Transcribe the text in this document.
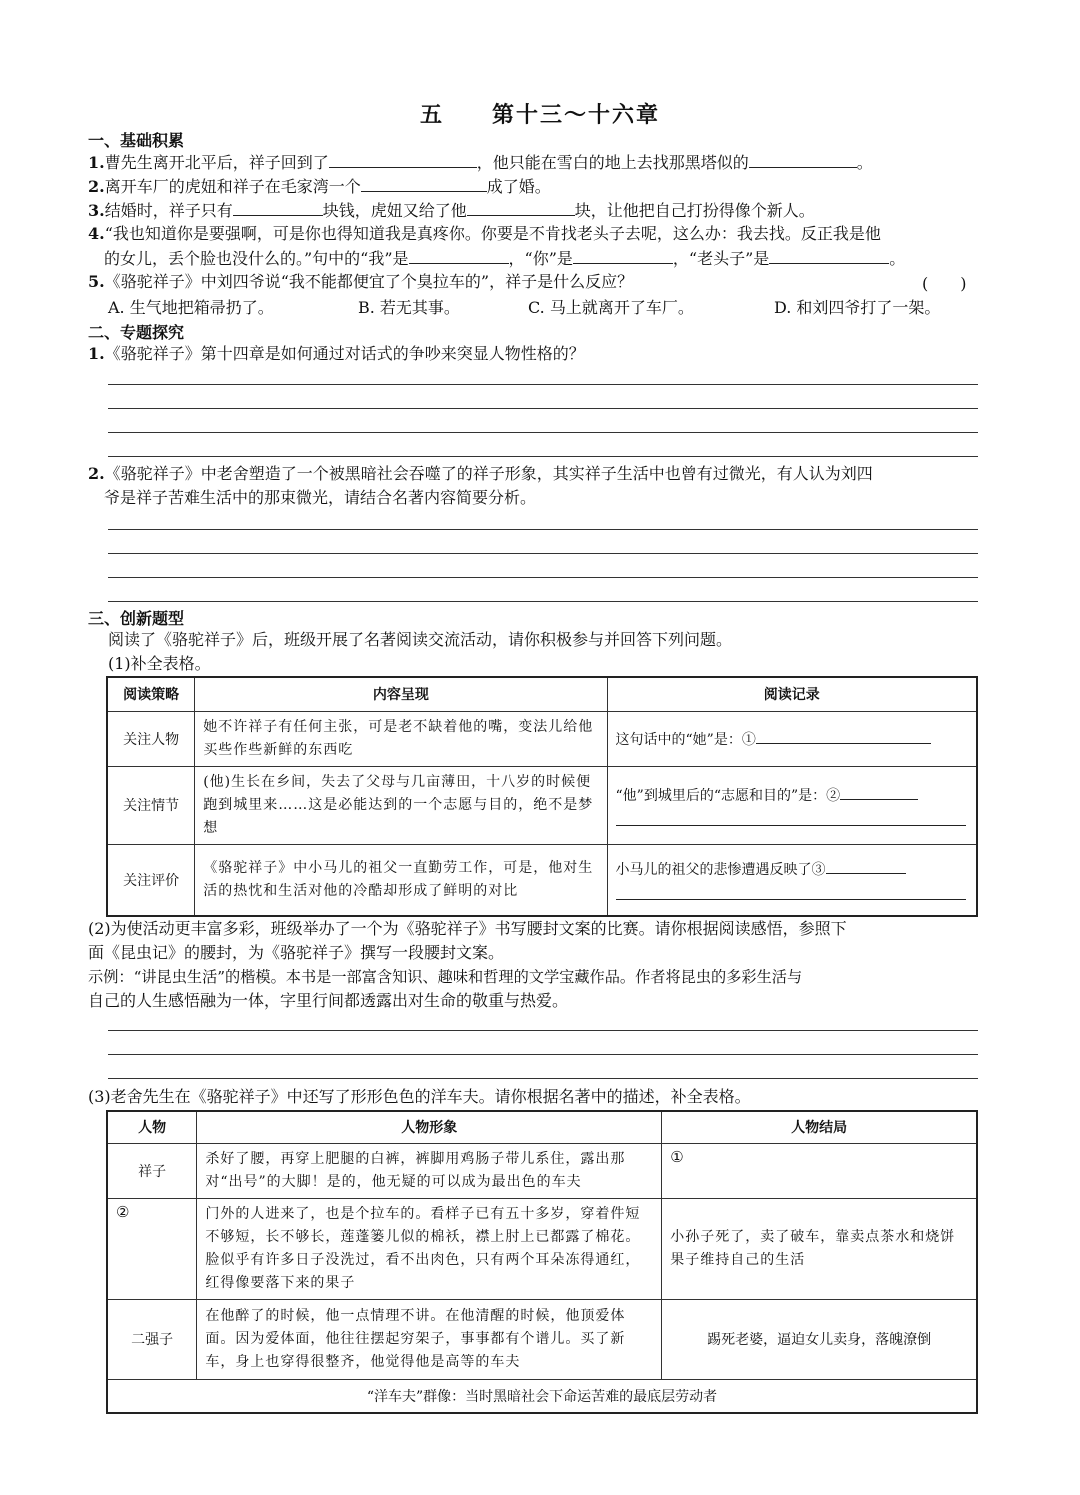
五 第十三～十六章
一、基础积累
1.曹先生离开北平后，祥子回到了	，他只能在雪白的地上去找那黑塔似的	。
2.离开车厂的虎妞和祥子在毛家湾一个	成了婚。
3.结婚时，祥子只有	块钱，虎妞又给了他	块，让他把自己打扮得像个新人。
4.“我也知道你是要强啊，可是你也得知道我是真疼你。你要是不肯找老头子去呢，这么办：我去找。反正我是他
的女儿，丢个脸也没什么的。”句中的“我”是	，“你”是	，“老头子”是	。
5.《骆驼祥子》中刘四爷说“我不能都便宜了个臭拉车的”，祥子是什么反应？	(　　)
A. 生气地把箱帚扔了。	B. 若无其事。	C. 马上就离开了车厂。	D. 和刘四爷打了一架。
二、专题探究
1.《骆驼祥子》第十四章是如何通过对话式的争吵来突显人物性格的？
2.《骆驼祥子》中老舍塑造了一个被黑暗社会吞噬了的祥子形象，其实祥子生活中也曾有过微光，有人认为刘四
爷是祥子苦难生活中的那束微光，请结合名著内容简要分析。
三、创新题型
阅读了《骆驼祥子》后，班级开展了名著阅读交流活动，请你积极参与并回答下列问题。
(1)补全表格。
阅读策略	内容呈现	阅读记录
关注人物	她不许祥子有任何主张，可是老不缺着他的嘴，变法儿给他买些作些新鲜的东西吃	这句话中的“她”是：①
关注情节	(他)生长在乡间，失去了父母与几亩薄田，十八岁的时候便跑到城里来……这是必能达到的一个志愿与目的，绝不是梦想	“他”到城里后的“志愿和目的”是：②

关注评价	《骆驼祥子》中小马儿的祖父一直勤劳工作，可是，他对生活的热忱和生活对他的冷酷却形成了鲜明的对比	小马儿的祖父的悲惨遭遇反映了③
(2)为使活动更丰富多彩，班级举办了一个为《骆驼祥子》书写腰封文案的比赛。请你根据阅读感悟，参照下
面《昆虫记》的腰封，为《骆驼祥子》撰写一段腰封文案。
示例：“讲昆虫生活”的楷模。本书是一部富含知识、趣味和哲理的文学宝藏作品。作者将昆虫的多彩生活与
自己的人生感悟融为一体，字里行间都透露出对生命的敬重与热爱。
(3)老舍先生在《骆驼祥子》中还写了形形色色的洋车夫。请你根据名著中的描述，补全表格。
人物	人物形象	人物结局
祥子	杀好了腰，再穿上肥腿的白裤，裤脚用鸡肠子带儿系住，露出那对“出号”的大脚！是的，他无疑的可以成为最出色的车夫	①
②	门外的人进来了，也是个拉车的。看样子已有五十多岁，穿着件短不够短，长不够长，莲蓬篓儿似的棉袄，襟上肘上已都露了棉花。脸似乎有许多日子没洗过，看不出肉色，只有两个耳朵冻得通红，红得像要落下来的果子	小孙子死了，卖了破车，靠卖点茶水和烧饼果子维持自己的生活
二强子	在他醉了的时候，他一点情理不讲。在他清醒的时候，他顶爱体面。因为爱体面，他往往摆起穷架子，事事都有个谱儿。买了新车，身上也穿得很整齐，他觉得他是高等的车夫	踢死老婆，逼迫女儿卖身，落魄潦倒
“洋车夫”群像：当时黑暗社会下命运苦难的最底层劳动者		
